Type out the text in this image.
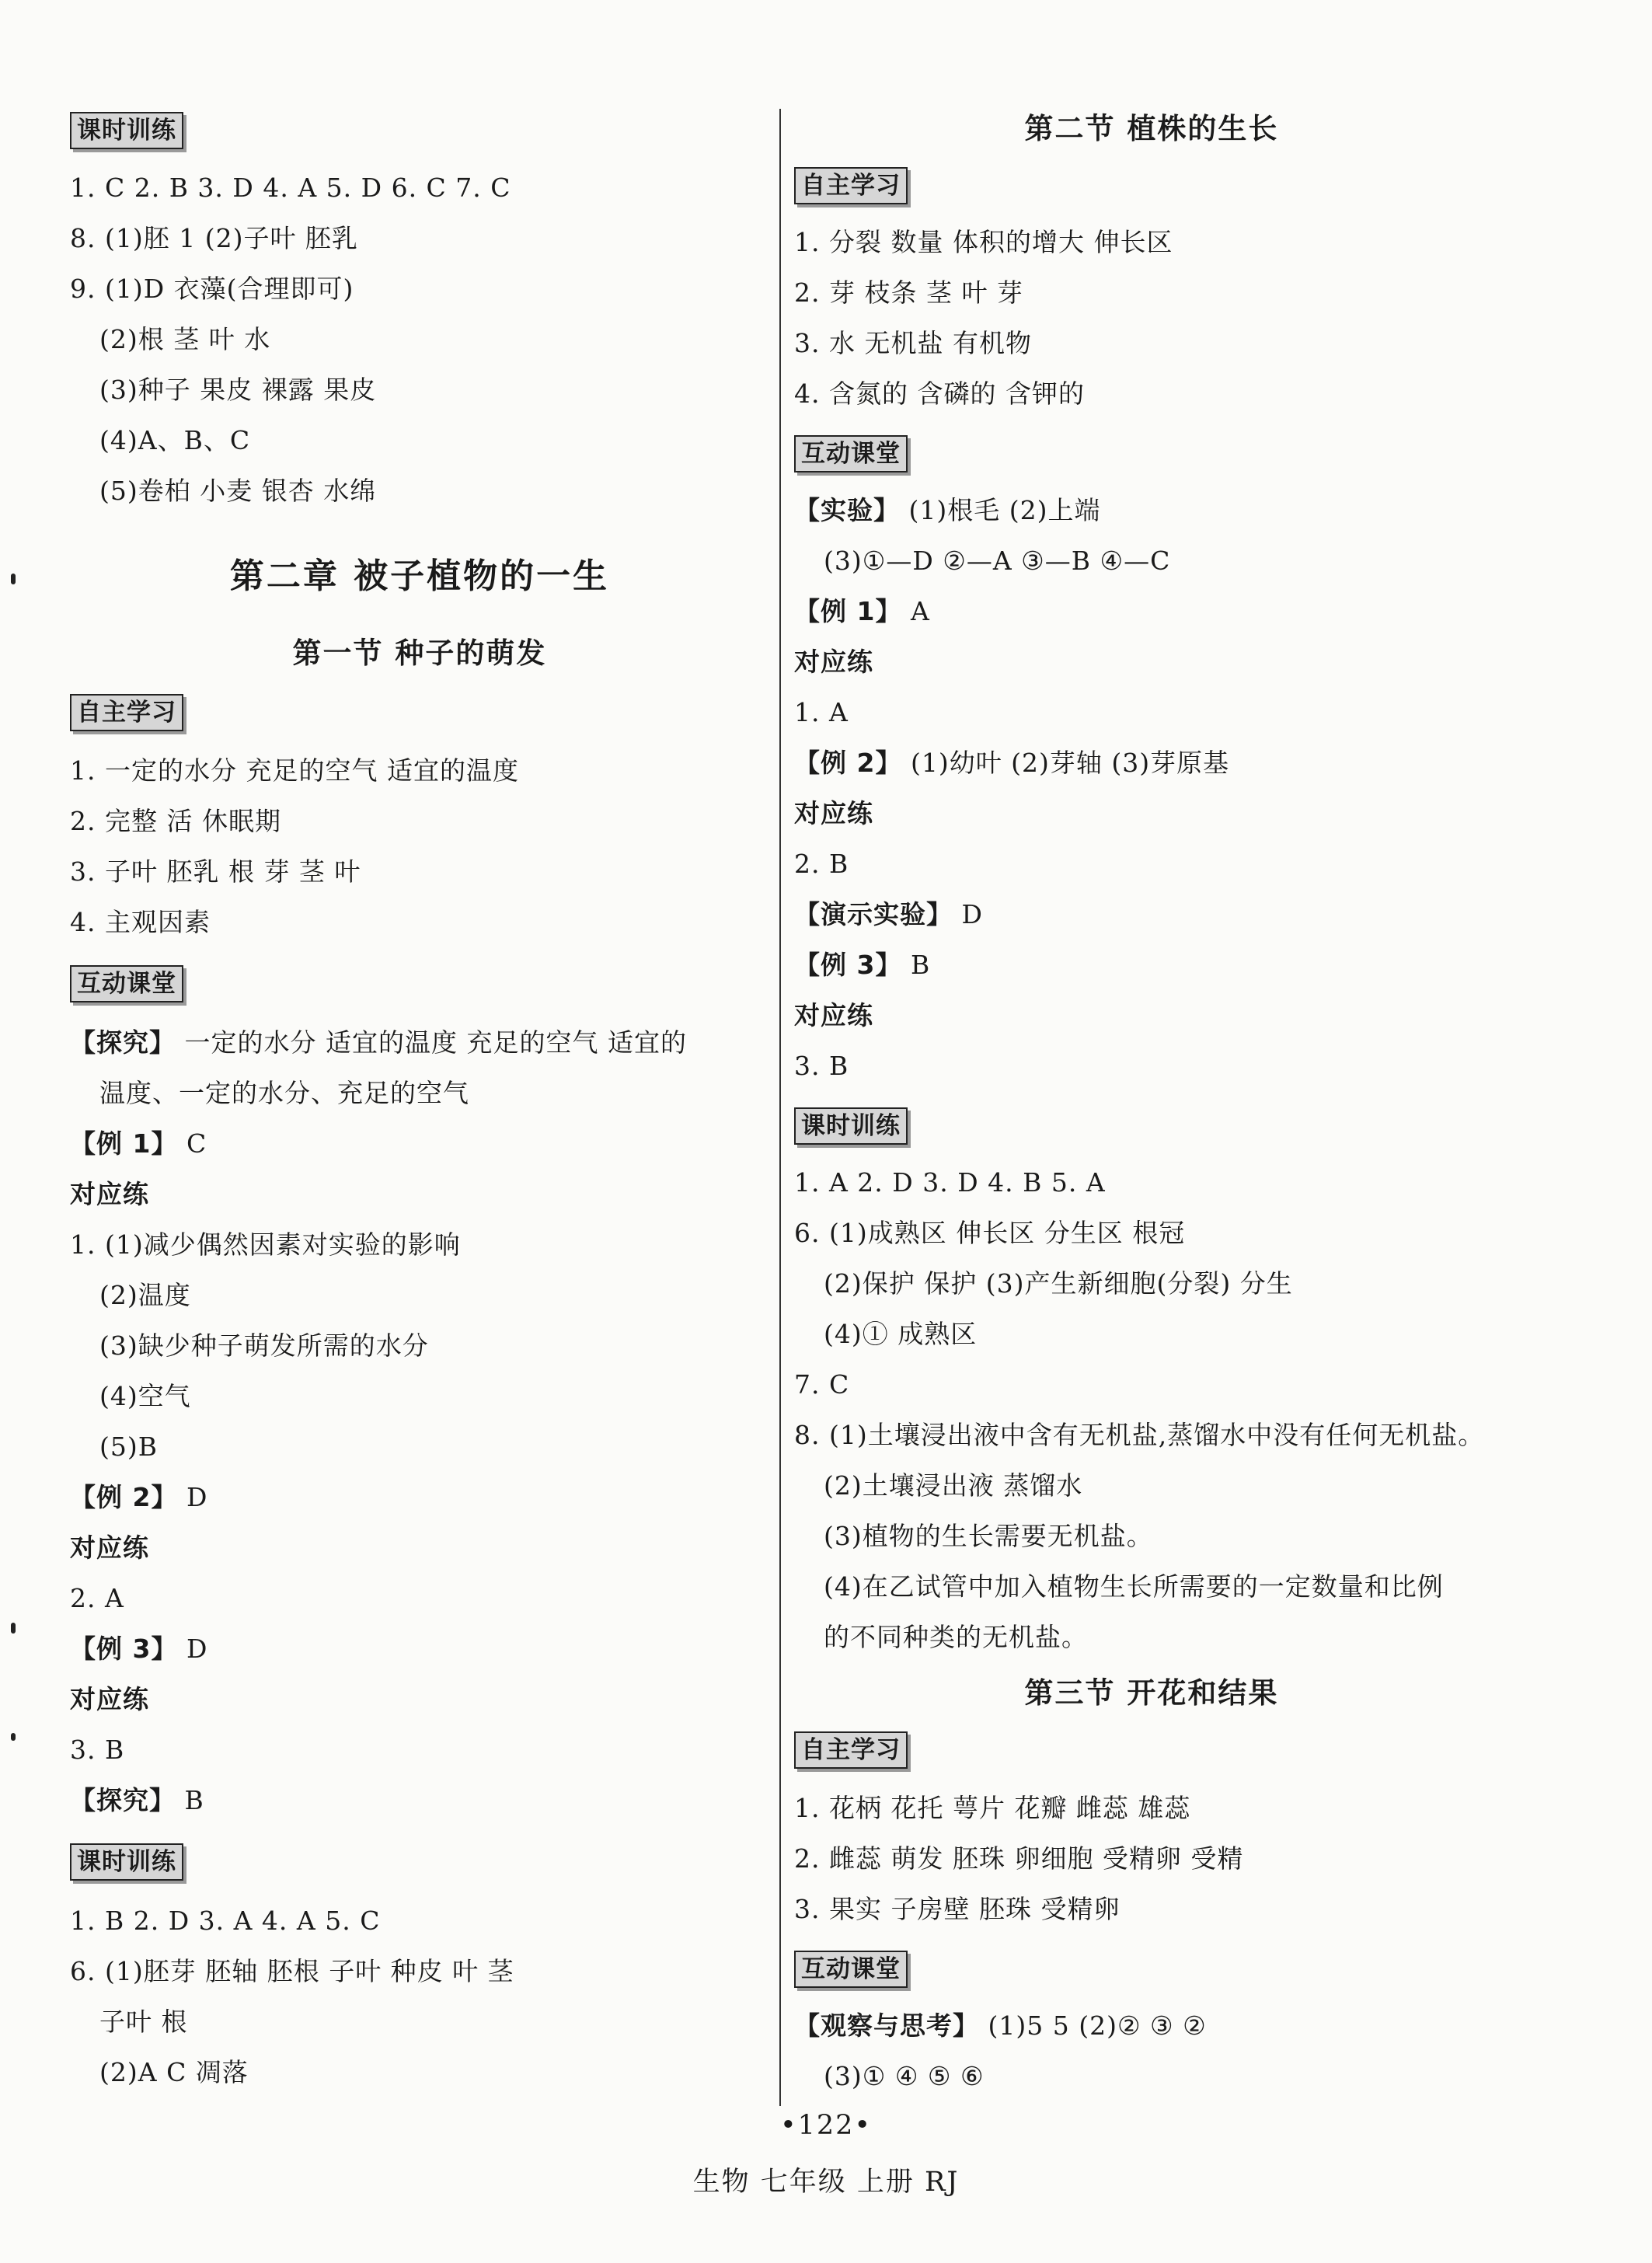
课时训练
1. C 2. B 3. D 4. A 5. D 6. C 7. C
8. (1)胚 1 (2)子叶 胚乳
9. (1)D 衣藻(合理即可)
(2)根 茎 叶 水
(3)种子 果皮 裸露 果皮
(4)A、B、C
(5)卷柏 小麦 银杏 水绵
第二章 被子植物的一生
第一节 种子的萌发
自主学习
1. 一定的水分 充足的空气 适宜的温度
2. 完整 活 休眠期
3. 子叶 胚乳 根 芽 茎 叶
4. 主观因素
互动课堂
【探究】 一定的水分 适宜的温度 充足的空气 适宜的
温度、一定的水分、充足的空气
【例 1】 C
对应练
1. (1)减少偶然因素对实验的影响
(2)温度
(3)缺少种子萌发所需的水分
(4)空气
(5)B
【例 2】 D
对应练
2. A
【例 3】 D
对应练
3. B
【探究】 B
课时训练
1. B 2. D 3. A 4. A 5. C
6. (1)胚芽 胚轴 胚根 子叶 种皮 叶 茎
子叶 根
(2)A C 凋落
第二节 植株的生长
自主学习
1. 分裂 数量 体积的增大 伸长区
2. 芽 枝条 茎 叶 芽
3. 水 无机盐 有机物
4. 含氮的 含磷的 含钾的
互动课堂
【实验】 (1)根毛 (2)上端
(3)①—D ②—A ③—B ④—C
【例 1】 A
对应练
1. A
【例 2】 (1)幼叶 (2)芽轴 (3)芽原基
对应练
2. B
【演示实验】 D
【例 3】 B
对应练
3. B
课时训练
1. A 2. D 3. D 4. B 5. A
6. (1)成熟区 伸长区 分生区 根冠
(2)保护 保护 (3)产生新细胞(分裂) 分生
(4)① 成熟区
7. C
8. (1)土壤浸出液中含有无机盐,蒸馏水中没有任何无机盐。
(2)土壤浸出液 蒸馏水
(3)植物的生长需要无机盐。
(4)在乙试管中加入植物生长所需要的一定数量和比例
的不同种类的无机盐。
第三节 开花和结果
自主学习
1. 花柄 花托 萼片 花瓣 雌蕊 雄蕊
2. 雌蕊 萌发 胚珠 卵细胞 受精卵 受精
3. 果实 子房壁 胚珠 受精卵
互动课堂
【观察与思考】 (1)5 5 (2)② ③ ②
(3)① ④ ⑤ ⑥
•122•
生物 七年级 上册 RJ
